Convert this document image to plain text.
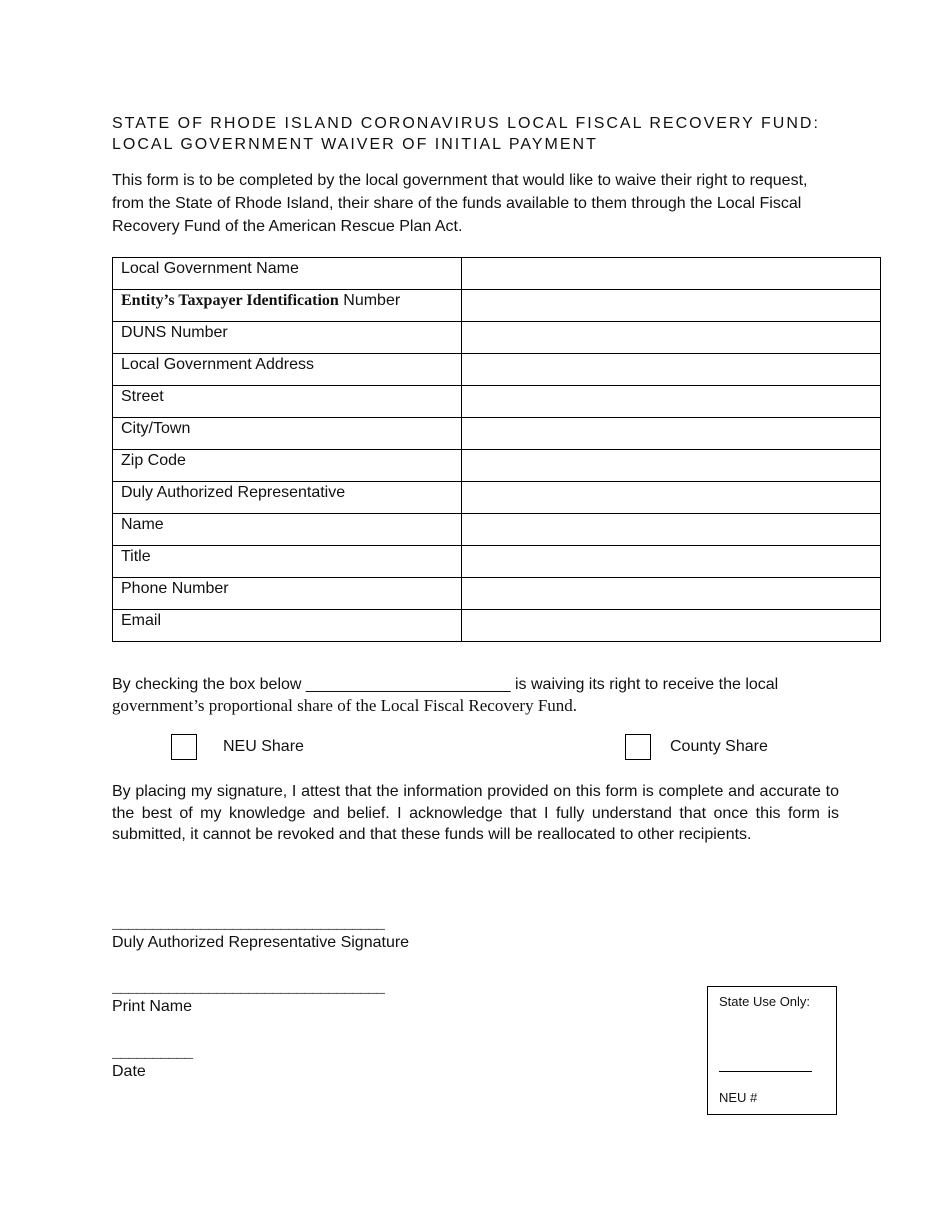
STATE OF RHODE ISLAND CORONAVIRUS LOCAL FISCAL RECOVERY FUND:
LOCAL GOVERNMENT WAIVER OF INITIAL PAYMENT

This form is to be completed by the local government that would like to waive their right to request, from the State of Rhode Island, their share of the funds available to them through the Local Fiscal Recovery Fund of the American Rescue Plan Act.

Local Government Name	
Entity’s Taxpayer Identification Number	
DUNS Number	
Local Government Address	
Street	
City/Town	
Zip Code	
Duly Authorized Representative	
Name	
Title	
Phone Number	
Email	

By checking the box below _______________________ is waiving its right to receive the local
government’s proportional share of the Local Fiscal Recovery Fund.

NEU Share	County Share

By placing my signature, I attest that the information provided on this form is complete and accurate to the best of my knowledge and belief. I acknowledge that I fully understand that once this form is submitted, it cannot be revoked and that these funds will be reallocated to other recipients.

__________________________________
Duly Authorized Representative Signature
__________________________________
Print Name
__________
Date
State Use Only:
NEU #
